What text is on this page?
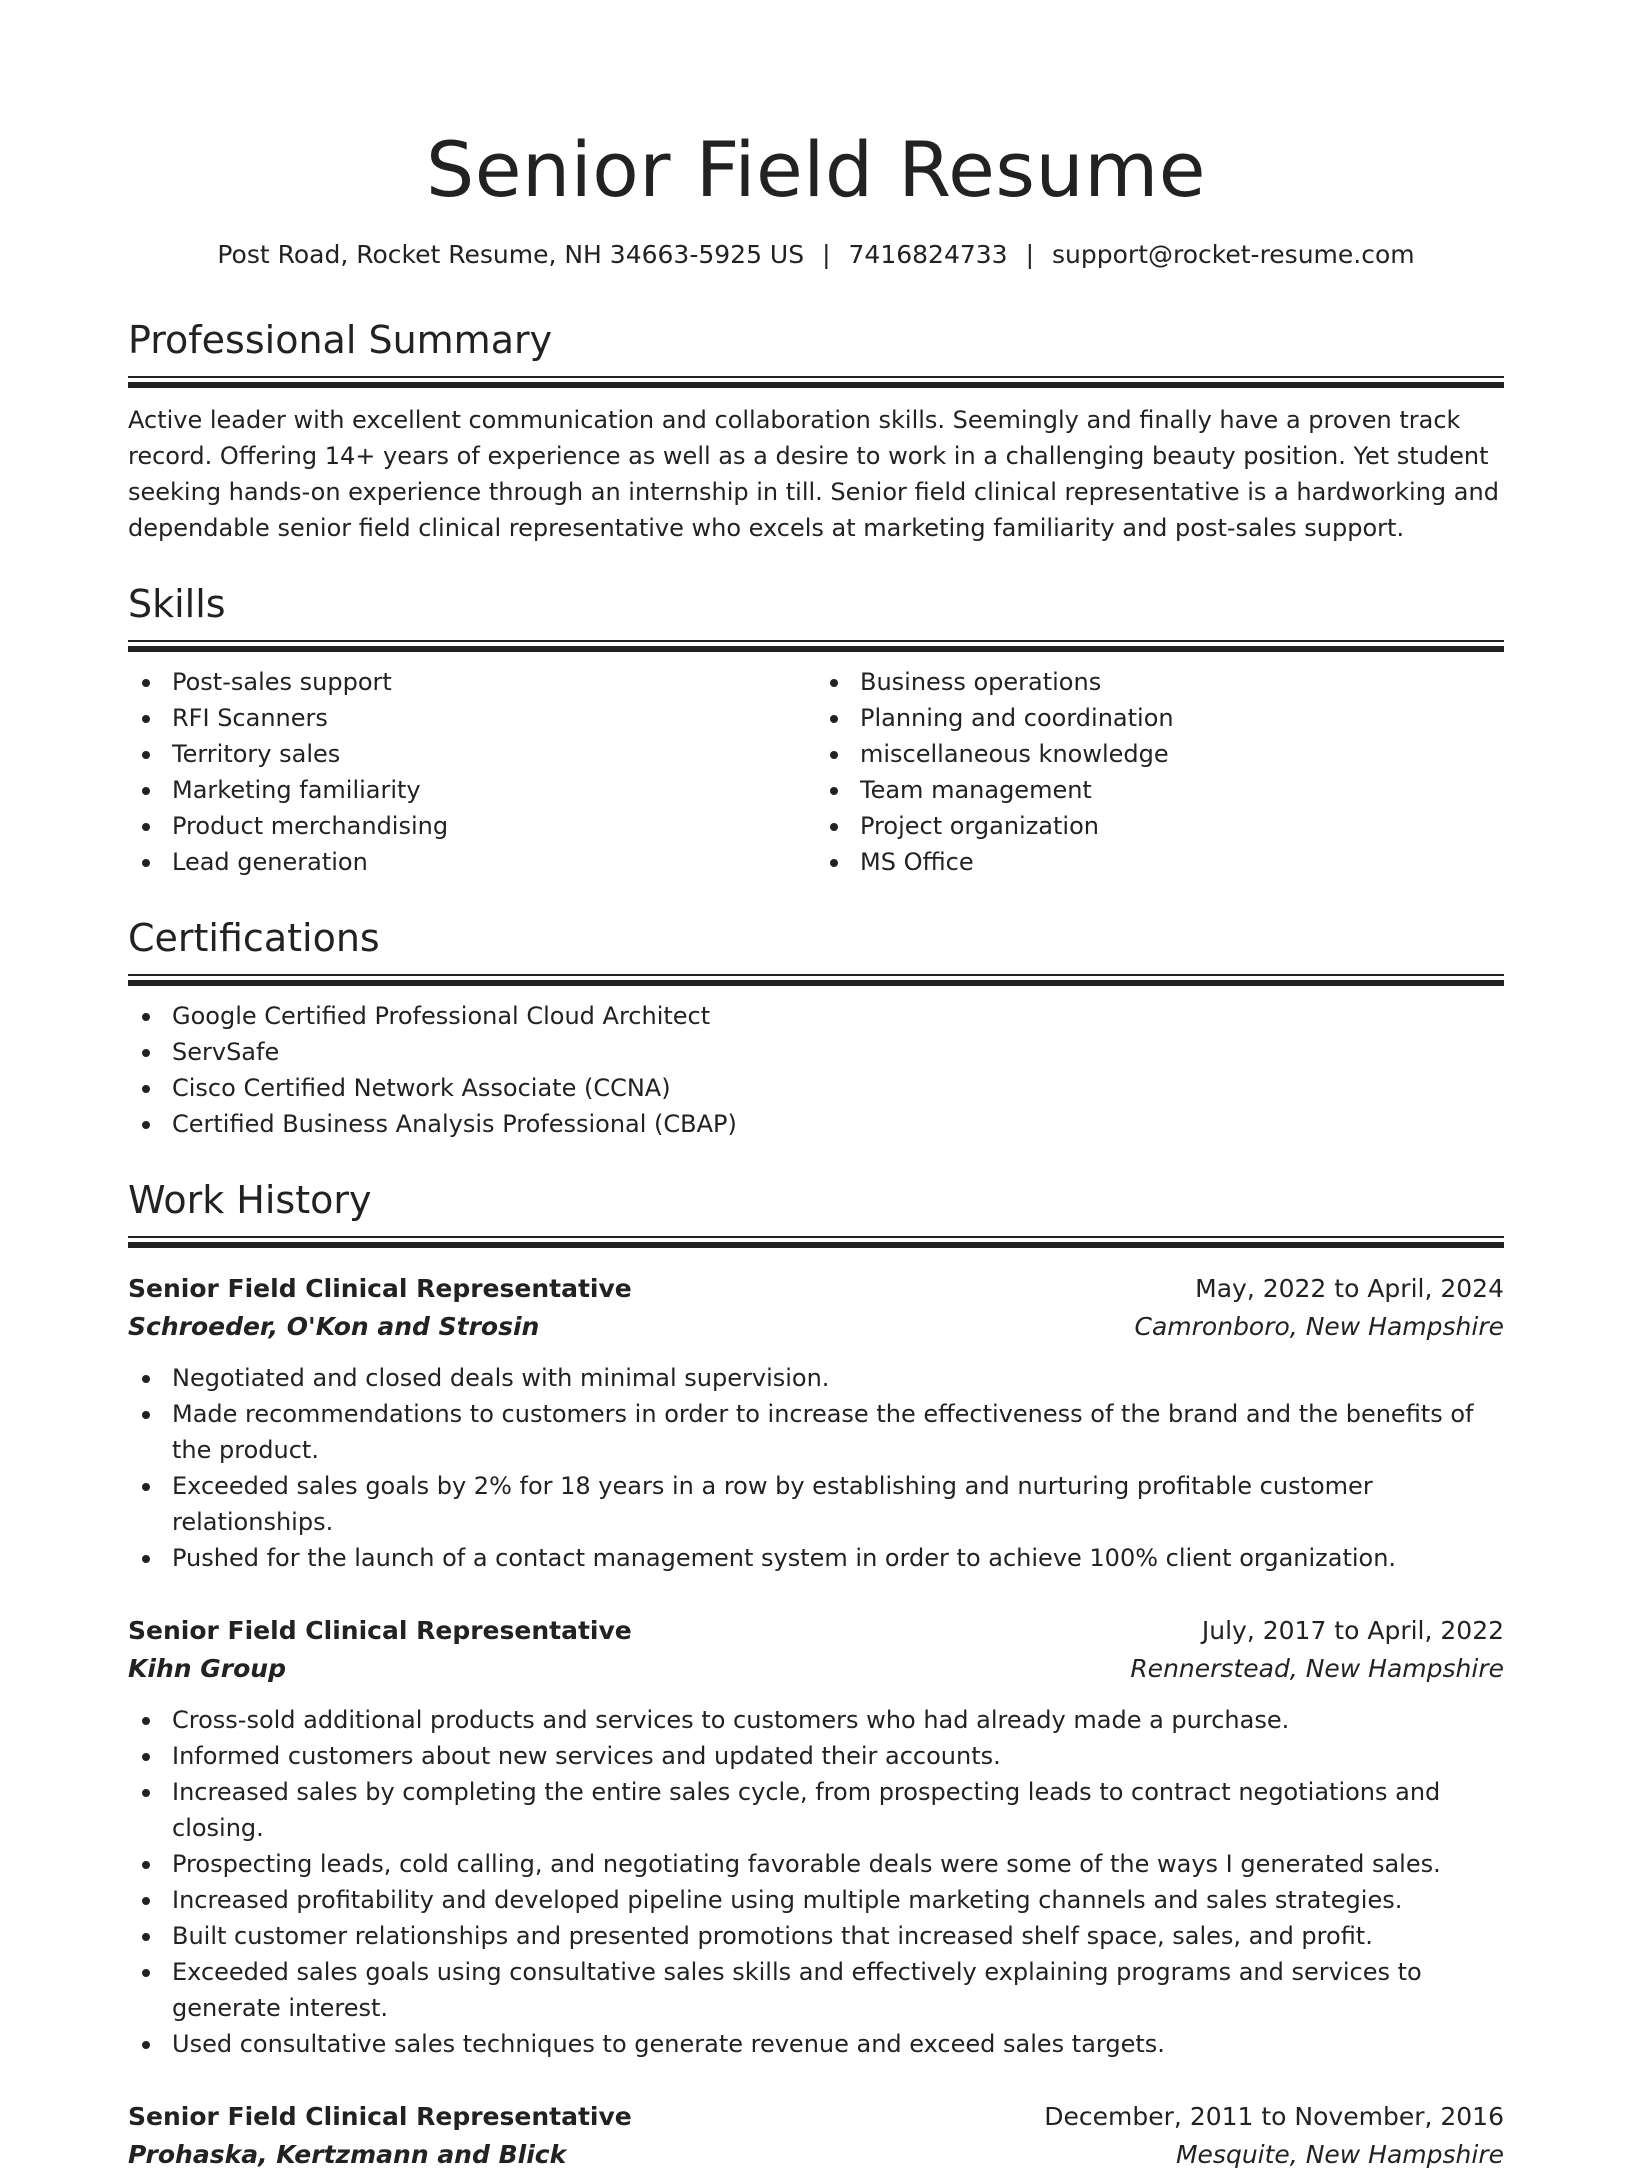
Senior Field Resume
Post Road, Rocket Resume, NH 34663-5925 US | 7416824733 | support@rocket-resume.com
Professional Summary

Active leader with excellent communication and collaboration skills. Seemingly and finally have a proven track record. Offering 14+ years of experience as well as a desire to work in a challenging beauty position. Yet student seeking hands-on experience through an internship in till. Senior field clinical representative is a hardworking and dependable senior field clinical representative who excels at marketing familiarity and post-sales support.

Skills
Post-sales support
RFI Scanners
Territory sales
Marketing familiarity
Product merchandising
Lead generation
Business operations
Planning and coordination
miscellaneous knowledge
Team management
Project organization
MS Office
Certifications
Google Certified Professional Cloud Architect
ServSafe
Cisco Certified Network Associate (CCNA)
Certified Business Analysis Professional (CBAP)
Work History
Senior Field Clinical Representative	May, 2022 to April, 2024
Schroeder, O'Kon and Strosin	Camronboro, New Hampshire
Negotiated and closed deals with minimal supervision.
Made recommendations to customers in order to increase the effectiveness of the brand and the benefits of the product.
Exceeded sales goals by 2% for 18 years in a row by establishing and nurturing profitable customer relationships.
Pushed for the launch of a contact management system in order to achieve 100% client organization.
Senior Field Clinical Representative	July, 2017 to April, 2022
Kihn Group	Rennerstead, New Hampshire
Cross-sold additional products and services to customers who had already made a purchase.
Informed customers about new services and updated their accounts.
Increased sales by completing the entire sales cycle, from prospecting leads to contract negotiations and closing.
Prospecting leads, cold calling, and negotiating favorable deals were some of the ways I generated sales.
Increased profitability and developed pipeline using multiple marketing channels and sales strategies.
Built customer relationships and presented promotions that increased shelf space, sales, and profit.
Exceeded sales goals using consultative sales skills and effectively explaining programs and services to generate interest.
Used consultative sales techniques to generate revenue and exceed sales targets.
Senior Field Clinical Representative	December, 2011 to November, 2016
Prohaska, Kertzmann and Blick	Mesquite, New Hampshire
